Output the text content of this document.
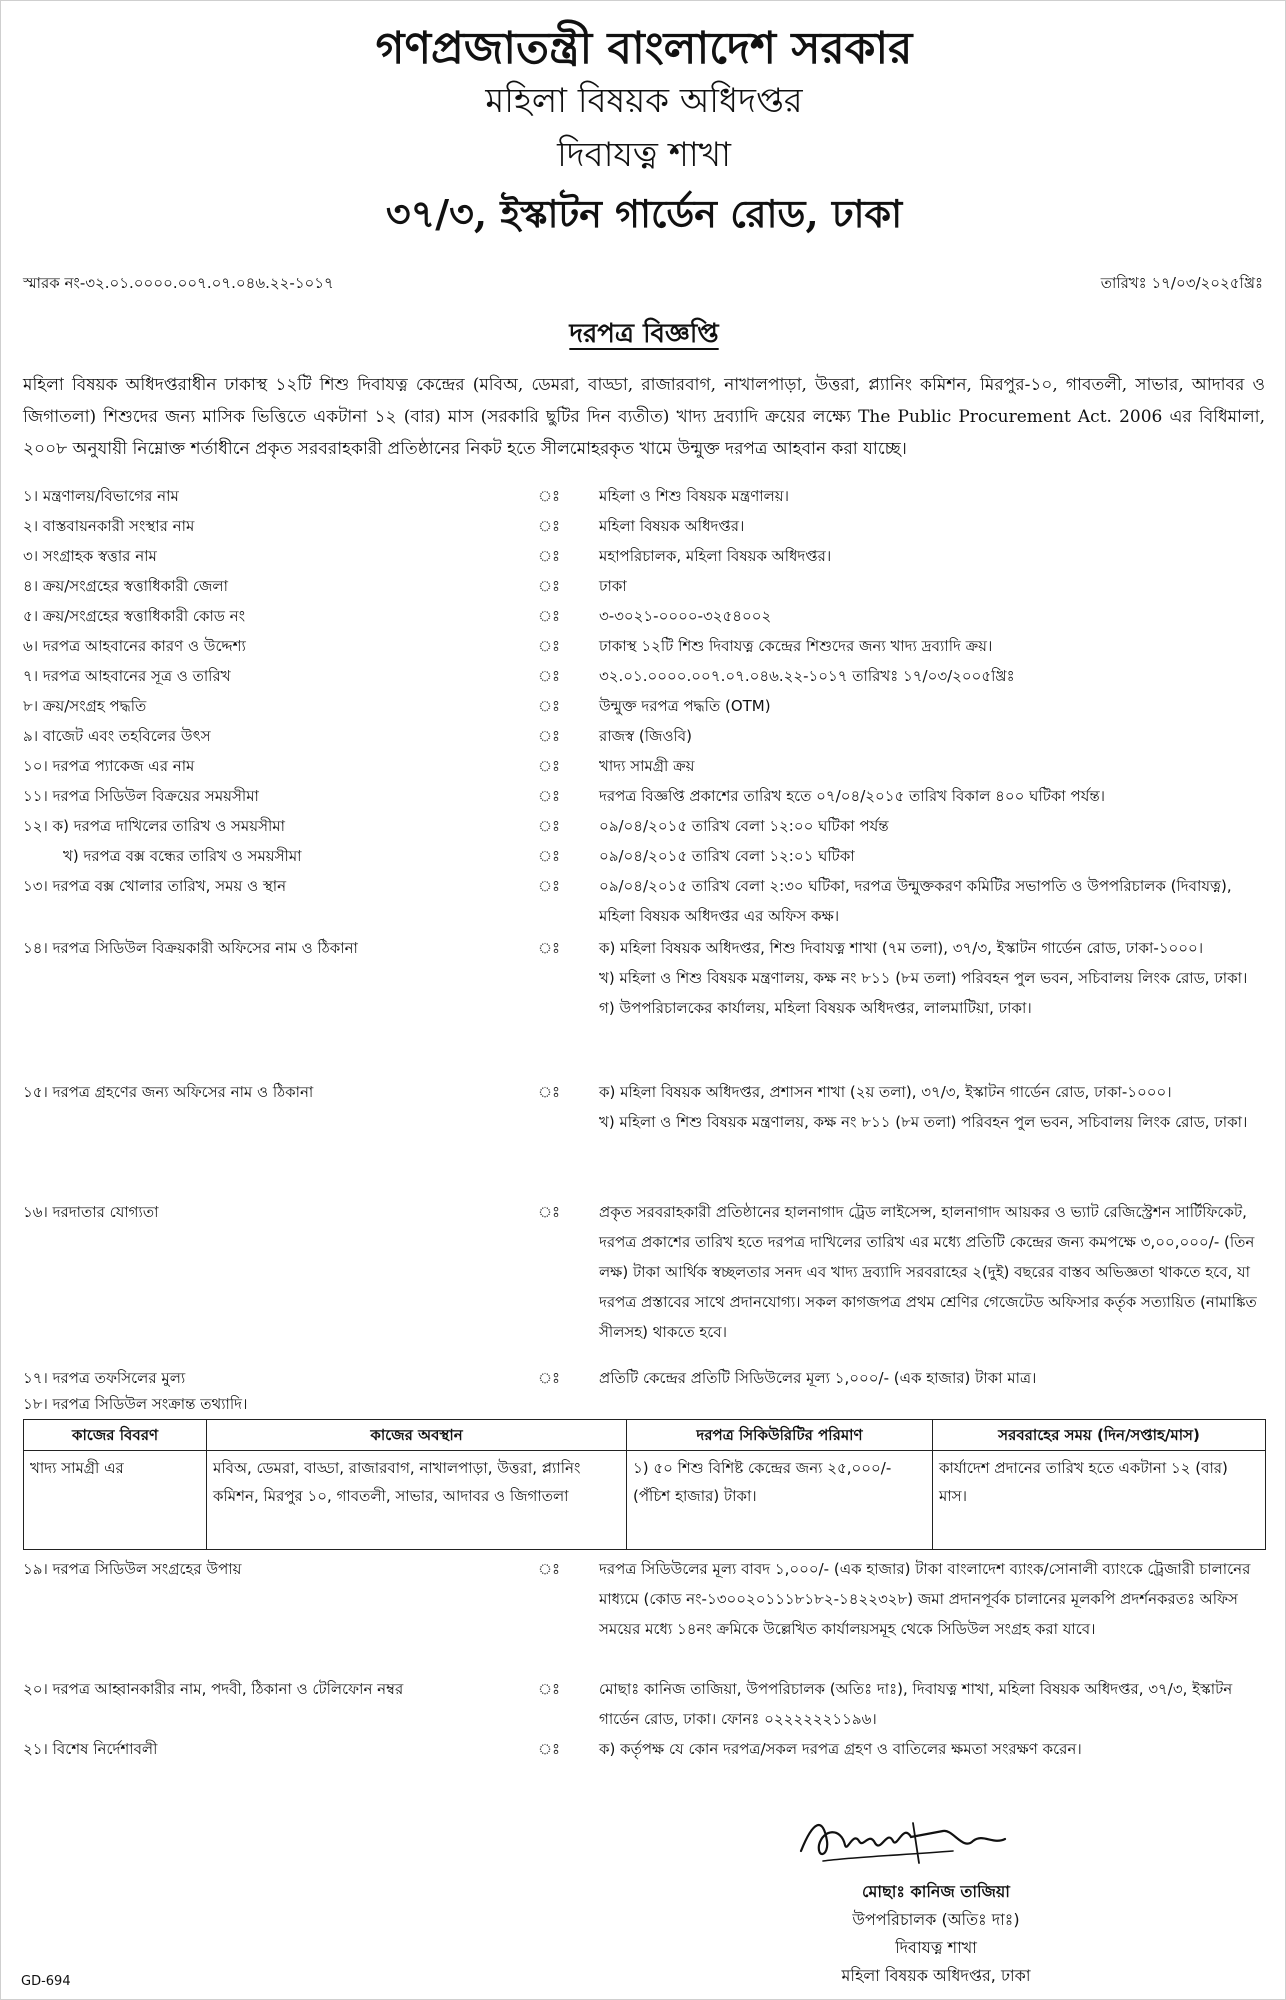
গণপ্রজাতন্ত্রী বাংলাদেশ সরকার
মহিলা বিষয়ক অধিদপ্তর
দিবাযত্ন শাখা
৩৭/৩, ইস্কাটন গার্ডেন রোড, ঢাকা
স্মারক নং-৩২.০১.০০০০.০০৭.০৭.০৪৬.২২-১০১৭	তারিখঃ ১৭/০৩/২০২৫খ্রিঃ
দরপত্র বিজ্ঞপ্তি
মহিলা বিষয়ক অধিদপ্তরাধীন ঢাকাস্থ ১২টি শিশু দিবাযত্ন কেন্দ্রের (মবিঅ, ডেমরা, বাড্ডা, রাজারবাগ, নাখালপাড়া, উত্তরা, প্ল্যানিং কমিশন, মিরপুর-১০, গাবতলী, সাভার, আদাবর ও জিগাতলা) শিশুদের জন্য মাসিক ভিত্তিতে একটানা ১২ (বার) মাস (সরকারি ছুটির দিন ব্যতীত) খাদ্য দ্রব্যাদি ক্রয়ের লক্ষ্যে The Public Procurement Act. 2006 এর বিধিমালা, ২০০৮ অনুযায়ী নিম্নোক্ত শর্তাধীনে প্রকৃত সরবরাহকারী প্রতিষ্ঠানের নিকট হতে সীলমোহরকৃত খামে উন্মুক্ত দরপত্র আহবান করা যাচ্ছে।
১। মন্ত্রণালয়/বিভাগের নাম	ঃ	মহিলা ও শিশু বিষয়ক মন্ত্রণালয়।
২। বাস্তবায়নকারী সংস্থার নাম	ঃ	মহিলা বিষয়ক অধিদপ্তর।
৩। সংগ্রাহক স্বত্তার নাম	ঃ	মহাপরিচালক, মহিলা বিষয়ক অধিদপ্তর।
৪। ক্রয়/সংগ্রহের স্বত্তাধিকারী জেলা	ঃ	ঢাকা
৫। ক্রয়/সংগ্রহের স্বত্তাধিকারী কোড নং	ঃ	৩-৩০২১-০০০০-৩২৫৪০০২
৬। দরপত্র আহবানের কারণ ও উদ্দেশ্য	ঃ	ঢাকাস্থ ১২টি শিশু দিবাযত্ন কেন্দ্রের শিশুদের জন্য খাদ্য দ্রব্যাদি ক্রয়।
৭। দরপত্র আহবানের সূত্র ও তারিখ	ঃ	৩২.০১.০০০০.০০৭.০৭.০৪৬.২২-১০১৭ তারিখঃ ১৭/০৩/২০০৫খ্রিঃ
৮। ক্রয়/সংগ্রহ পদ্ধতি	ঃ	উন্মুক্ত দরপত্র পদ্ধতি (OTM)
৯। বাজেট এবং তহবিলের উৎস	ঃ	রাজস্ব (জিওবি)
১০। দরপত্র প্যাকেজ এর নাম	ঃ	খাদ্য সামগ্রী ক্রয়
১১। দরপত্র সিডিউল বিক্রয়ের সময়সীমা	ঃ	দরপত্র বিজ্ঞপ্তি প্রকাশের তারিখ হতে ০৭/০৪/২০১৫ তারিখ বিকাল ৪০০ ঘটিকা পর্যন্ত।
১২। ক) দরপত্র দাখিলের তারিখ ও সময়সীমা	ঃ	০৯/০৪/২০১৫ তারিখ বেলা ১২:০০ ঘটিকা পর্যন্ত
খ) দরপত্র বক্স বন্ধের তারিখ ও সময়সীমা	ঃ	০৯/০৪/২০১৫ তারিখ বেলা ১২:০১ ঘটিকা
১৩। দরপত্র বক্স খোলার তারিখ, সময় ও স্থান	ঃ	০৯/০৪/২০১৫ তারিখ বেলা ২:৩০ ঘটিকা, দরপত্র উন্মুক্তকরণ কমিটির সভাপতি ও উপপরিচালক (দিবাযত্ন), মহিলা বিষয়ক অধিদপ্তর এর অফিস কক্ষ।
১৪। দরপত্র সিডিউল বিক্রয়কারী অফিসের নাম ও ঠিকানা	ঃ	ক) মহিলা বিষয়ক অধিদপ্তর, শিশু দিবাযত্ন শাখা (৭ম তলা), ৩৭/৩, ইস্কাটন গার্ডেন রোড, ঢাকা-১০০০।

খ) মহিলা ও শিশু বিষয়ক মন্ত্রণালয়, কক্ষ নং ৮১১ (৮ম তলা) পরিবহন পুল ভবন, সচিবালয় লিংক রোড, ঢাকা।

গ) উপপরিচালকের কার্যালয়, মহিলা বিষয়ক অধিদপ্তর, লালমাটিয়া, ঢাকা।

১৫। দরপত্র গ্রহণের জন্য অফিসের নাম ও ঠিকানা	ঃ	ক) মহিলা বিষয়ক অধিদপ্তর, প্রশাসন শাখা (২য় তলা), ৩৭/৩, ইস্কাটন গার্ডেন রোড, ঢাকা-১০০০।

খ) মহিলা ও শিশু বিষয়ক মন্ত্রণালয়, কক্ষ নং ৮১১ (৮ম তলা) পরিবহন পুল ভবন, সচিবালয় লিংক রোড, ঢাকা।

১৬। দরদাতার যোগ্যতা	ঃ	প্রকৃত সরবরাহকারী প্রতিষ্ঠানের হালনাগাদ ট্রেড লাইসেন্স, হালনাগাদ আয়কর ও ভ্যাট রেজিস্ট্রেশন সার্টিফিকেট, দরপত্র প্রকাশের তারিখ হতে দরপত্র দাখিলের তারিখ এর মধ্যে প্রতিটি কেন্দ্রের জন্য কমপক্ষে ৩,০০,০০০/- (তিন লক্ষ) টাকা আর্থিক স্বচ্ছলতার সনদ এব খাদ্য দ্রব্যাদি সরবরাহের ২(দুই) বছরের বাস্তব অভিজ্ঞতা থাকতে হবে, যা দরপত্র প্রস্তাবের সাথে প্রদানযোগ্য। সকল কাগজপত্র প্রথম শ্রেণির গেজেটেড অফিসার কর্তৃক সত্যায়িত (নামাঙ্কিত সীলসহ) থাকতে হবে।
১৭। দরপত্র তফসিলের মুল্য	ঃ	প্রতিটি কেন্দ্রের প্রতিটি সিডিউলের মূল্য ১,০০০/- (এক হাজার) টাকা মাত্র।
১৮। দরপত্র সিডিউল সংক্রান্ত তথ্যাদি।
কাজের বিবরণ	কাজের অবস্থান	দরপত্র সিকিউরিটির পরিমাণ	সরবরাহের সময় (দিন/সপ্তাহ/মাস)
খাদ্য সামগ্রী এর	মবিঅ, ডেমরা, বাড্ডা, রাজারবাগ, নাখালপাড়া, উত্তরা, প্ল্যানিং কমিশন, মিরপুর ১০, গাবতলী, সাভার, আদাবর ও জিগাতলা	১) ৫০ শিশু বিশিষ্ট কেন্দ্রের জন্য ২৫,০০০/- (পঁচিশ হাজার) টাকা।	কার্যাদেশ প্রদানের তারিখ হতে একটানা ১২ (বার) মাস।
১৯। দরপত্র সিডিউল সংগ্রহের উপায়	ঃ	দরপত্র সিডিউলের মূল্য বাবদ ১,০০০/- (এক হাজার) টাকা বাংলাদেশ ব্যাংক/সোনালী ব্যাংকে ট্রেজারী চালানের মাধ্যমে (কোড নং-১৩০০২০১১১৮১৮২-১৪২২৩২৮) জমা প্রদানপূর্বক চালানের মূলকপি প্রদর্শনকরতঃ অফিস সময়ের মধ্যে ১৪নং ক্রমিকে উল্লেখিত কার্যালয়সমূহ থেকে সিডিউল সংগ্রহ করা যাবে।
২০। দরপত্র আহ্বানকারীর নাম, পদবী, ঠিকানা ও টেলিফোন নম্বর	ঃ	মোছাঃ কানিজ তাজিয়া, উপপরিচালক (অতিঃ দাঃ), দিবাযত্ন শাখা, মহিলা বিষয়ক অধিদপ্তর, ৩৭/৩, ইস্কাটন গার্ডেন রোড, ঢাকা। ফোনঃ ০২২২২২২১১৯৬।
২১। বিশেষ নির্দেশাবলী	ঃ	ক) কর্তৃপক্ষ যে কোন দরপত্র/সকল দরপত্র গ্রহণ ও বাতিলের ক্ষমতা সংরক্ষণ করেন।
মোছাঃ কানিজ তাজিয়া
উপপরিচালক (অতিঃ দাঃ)
দিবাযত্ন শাখা
মহিলা বিষয়ক অধিদপ্তর, ঢাকা
GD-694
